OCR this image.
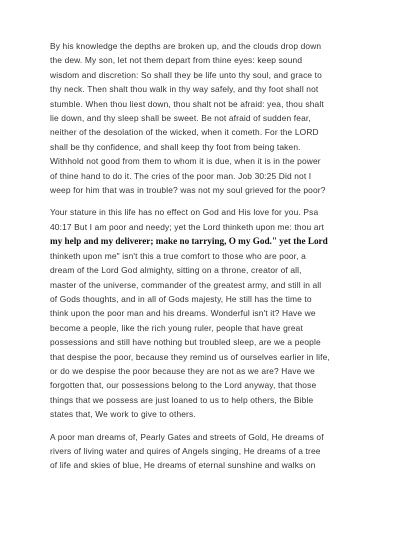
By his knowledge the depths are broken up, and the clouds drop down
the dew. My son, let not them depart from thine eyes: keep sound
wisdom and discretion: So shall they be life unto thy soul, and grace to
thy neck. Then shalt thou walk in thy way safely, and thy foot shall not
stumble. When thou liest down, thou shalt not be afraid: yea, thou shalt
lie down, and thy sleep shall be sweet. Be not afraid of sudden fear,
neither of the desolation of the wicked, when it cometh. For the LORD
shall be thy confidence, and shall keep thy foot from being taken.
Withhold not good from them to whom it is due, when it is in the power
of thine hand to do it. The cries of the poor man. Job 30:25 Did not I
weep for him that was in trouble? was not my soul grieved for the poor?
Your stature in this life has no effect on God and His love for you. Psa
40:17 But I am poor and needy; yet the Lord thinketh upon me: thou art
my help and my deliverer; make no tarrying, O my God." yet the Lord
thinketh upon me" isn't this a true comfort to those who are poor, a
dream of the Lord God almighty, sitting on a throne, creator of all,
master of the universe, commander of the greatest army, and still in all
of Gods thoughts, and in all of Gods majesty, He still has the time to
think upon the poor man and his dreams. Wonderful isn't it? Have we
become a people, like the rich young ruler, people that have great
possessions and still have nothing but troubled sleep, are we a people
that despise the poor, because they remind us of ourselves earlier in life,
or do we despise the poor because they are not as we are? Have we
forgotten that, our possessions belong to the Lord anyway, that those
things that we possess are just loaned to us to help others, the Bible
states that, We work to give to others.
A poor man dreams of, Pearly Gates and streets of Gold, He dreams of
rivers of living water and quires of Angels singing, He dreams of a tree
of life and skies of blue, He dreams of eternal sunshine and walks on
